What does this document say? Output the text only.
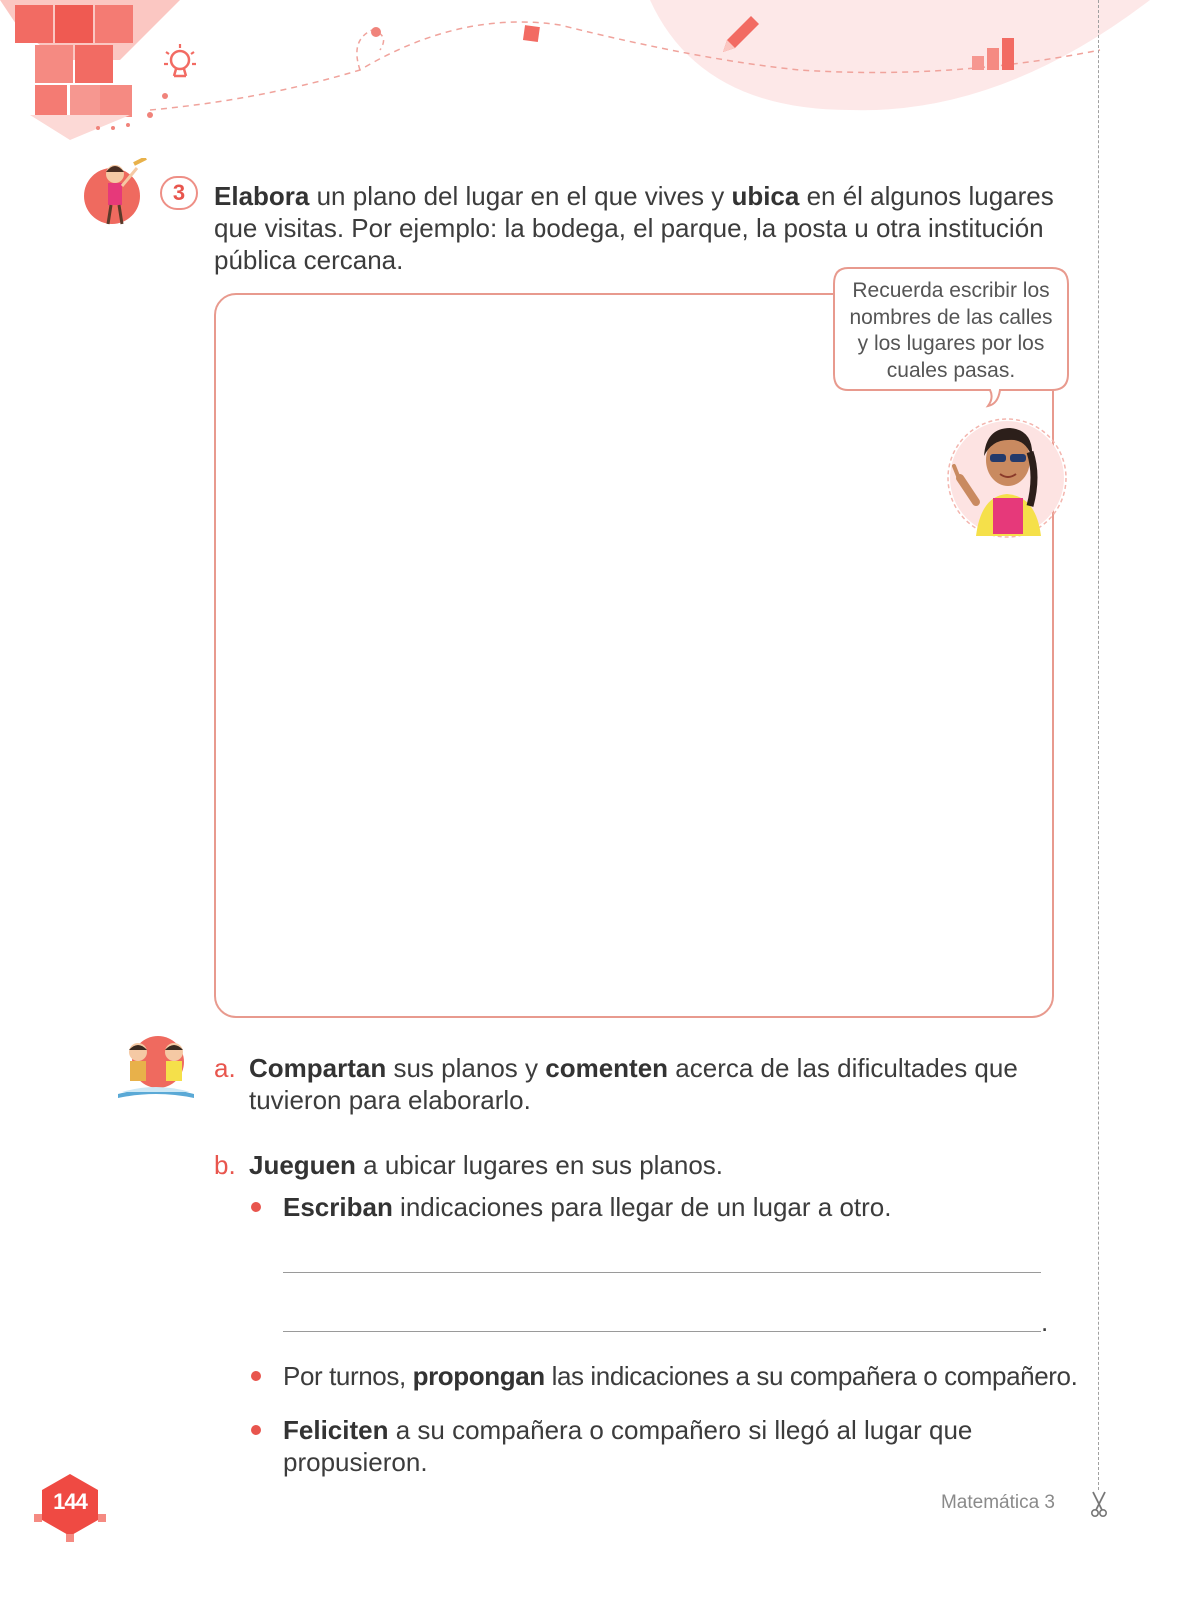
3	Elabora un plano del lugar en el que vives y ubica en él algunos lugares
que visitas. Por ejemplo: la bodega, el parque, la posta u otra institución
pública cercana.
Recuerda escribir los
nombres de las calles
y los lugares por los
cuales pasas.
a. Compartan sus planos y comenten acerca de las dificultades que
tuvieron para elaborarlo.
b. Jueguen a ubicar lugares en sus planos.
Escriban indicaciones para llegar de un lugar a otro.
.
Por turnos, propongan las indicaciones a su compañera o compañero.
Feliciten a su compañera o compañero si llegó al lugar que
propusieron.
144	Matemática 3
